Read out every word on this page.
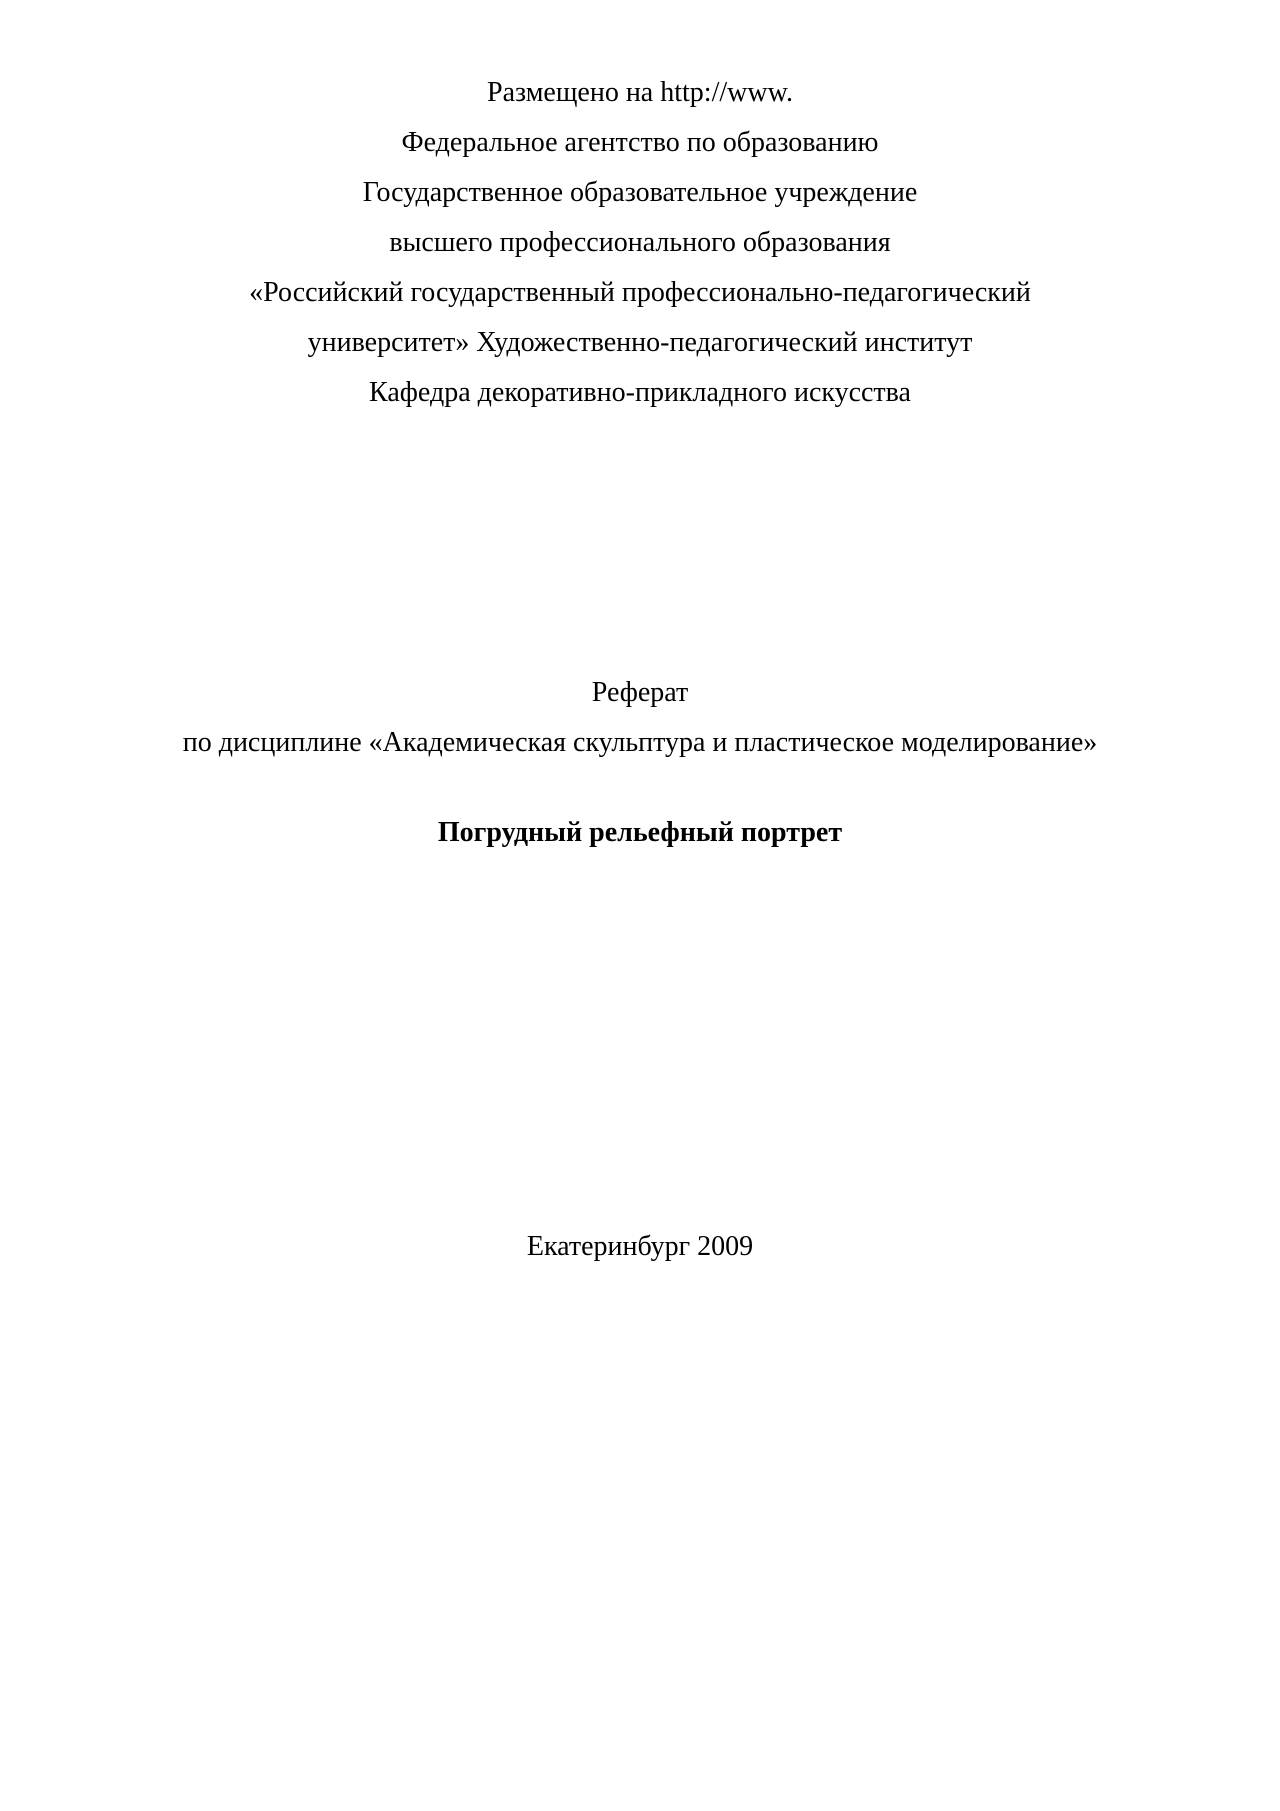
Размещено на http://www.
Федеральное агентство по образованию
Государственное образовательное учреждение
высшего профессионального образования
«Российский государственный профессионально-педагогический
университет» Художественно-педагогический институт
Кафедра декоративно-прикладного искусства
Реферат
по дисциплине «Академическая скульптура и пластическое моделирование»
Погрудный рельефный портрет
Екатеринбург 2009
